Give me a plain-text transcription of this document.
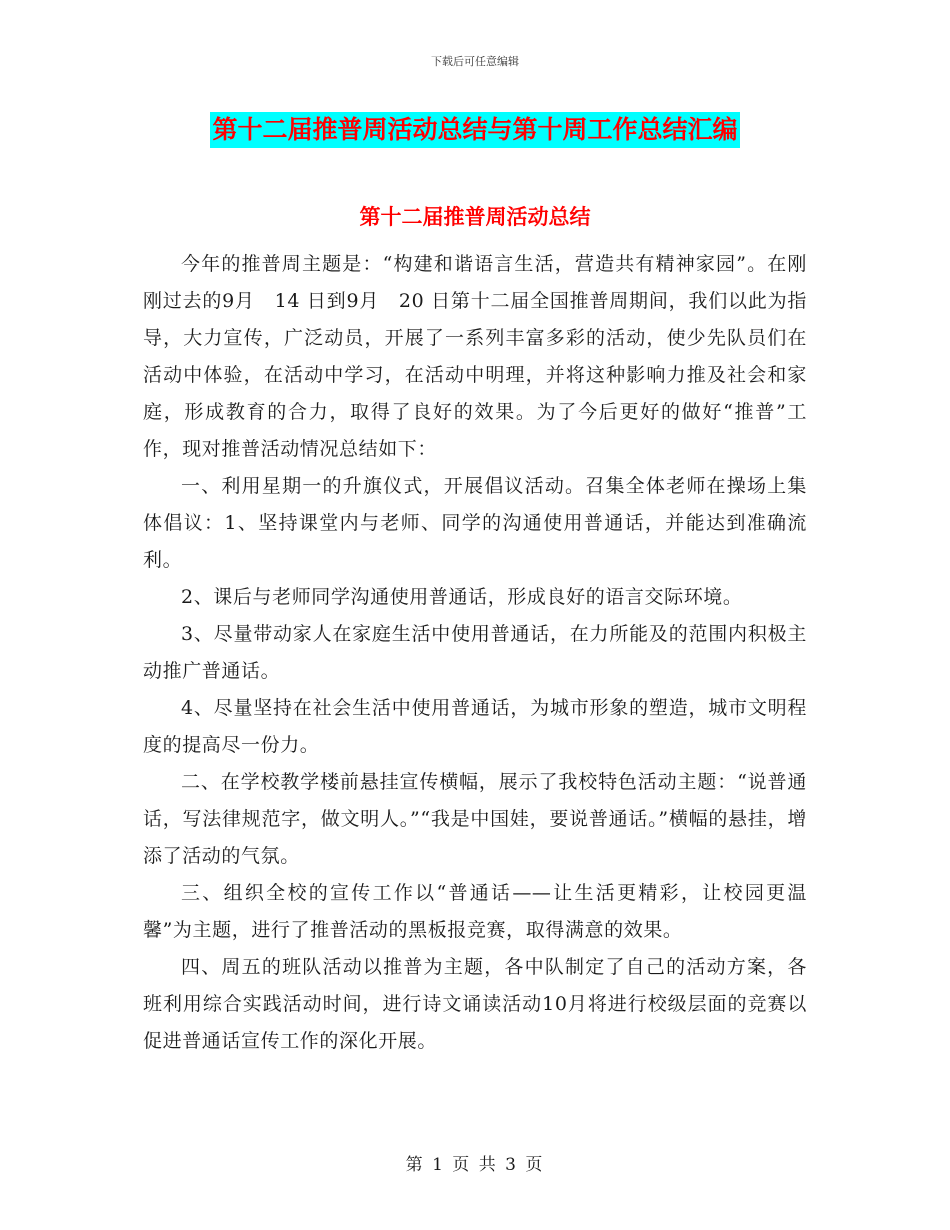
下载后可任意编辑
第十二届推普周活动总结与第十周工作总结汇编
第十二届推普周活动总结

今年的推普周主题是：“构建和谐语言生活，营造共有精神家园”。在刚刚过去的9月　14 日到9月　20 日第十二届全国推普周期间，我们以此为指导，大力宣传，广泛动员，开展了一系列丰富多彩的活动，使少先队员们在活动中体验，在活动中学习，在活动中明理，并将这种影响力推及社会和家庭，形成教育的合力，取得了良好的效果。为了今后更好的做好“推普”工作，现对推普活动情况总结如下：

一、利用星期一的升旗仪式，开展倡议活动。召集全体老师在操场上集体倡议：1、坚持课堂内与老师、同学的沟通使用普通话，并能达到准确流利。

2、课后与老师同学沟通使用普通话，形成良好的语言交际环境。

3、尽量带动家人在家庭生活中使用普通话，在力所能及的范围内积极主动推广普通话。

4、尽量坚持在社会生活中使用普通话，为城市形象的塑造，城市文明程度的提高尽一份力。

二、在学校教学楼前悬挂宣传横幅，展示了我校特色活动主题：“说普通话，写法律规范字，做文明人。”“我是中国娃，要说普通话。”横幅的悬挂，增添了活动的气氛。

三、组织全校的宣传工作以“普通话——让生活更精彩，让校园更温馨”为主题，进行了推普活动的黑板报竞赛，取得满意的效果。

四、周五的班队活动以推普为主题，各中队制定了自己的活动方案，各班利用综合实践活动时间，进行诗文诵读活动10月将进行校级层面的竞赛以促进普通话宣传工作的深化开展。

第 1 页 共 3 页
